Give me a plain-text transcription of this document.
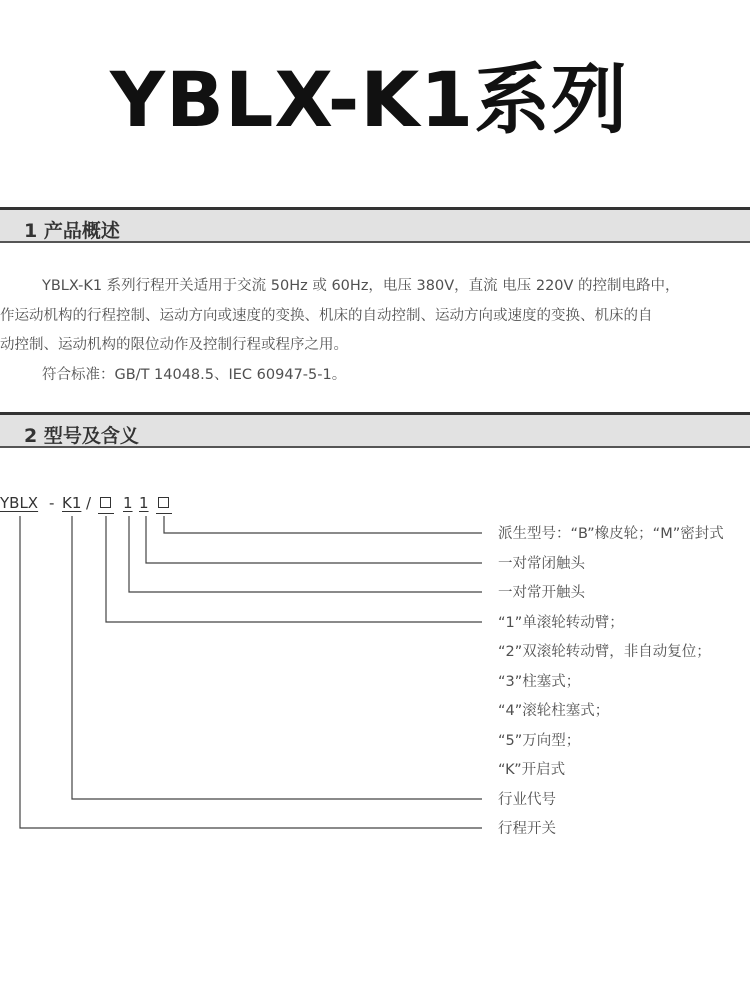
YBLX-K1系列
1 产品概述
YBLX-K1 系列行程开关适用于交流 50Hz 或 60Hz，电压 380V，直流 电压 220V 的控制电路中，
作运动机构的行程控制、运动方向或速度的变换、机床的自动控制、运动方向或速度的变换、机床的自
动控制、运动机构的限位动作及控制行程或程序之用。

符合标准：GB/T 14048.5、IEC 60947-5-1。

2 型号及含义
YBLX - K1 / 1 1
派生型号：“B”橡皮轮；“M”密封式
一对常闭触头
一对常开触头
“1”单滚轮转动臂；
“2”双滚轮转动臂，非自动复位；
“3”柱塞式；
“4”滚轮柱塞式；
“5”万向型；
“K”开启式
行业代号
行程开关
